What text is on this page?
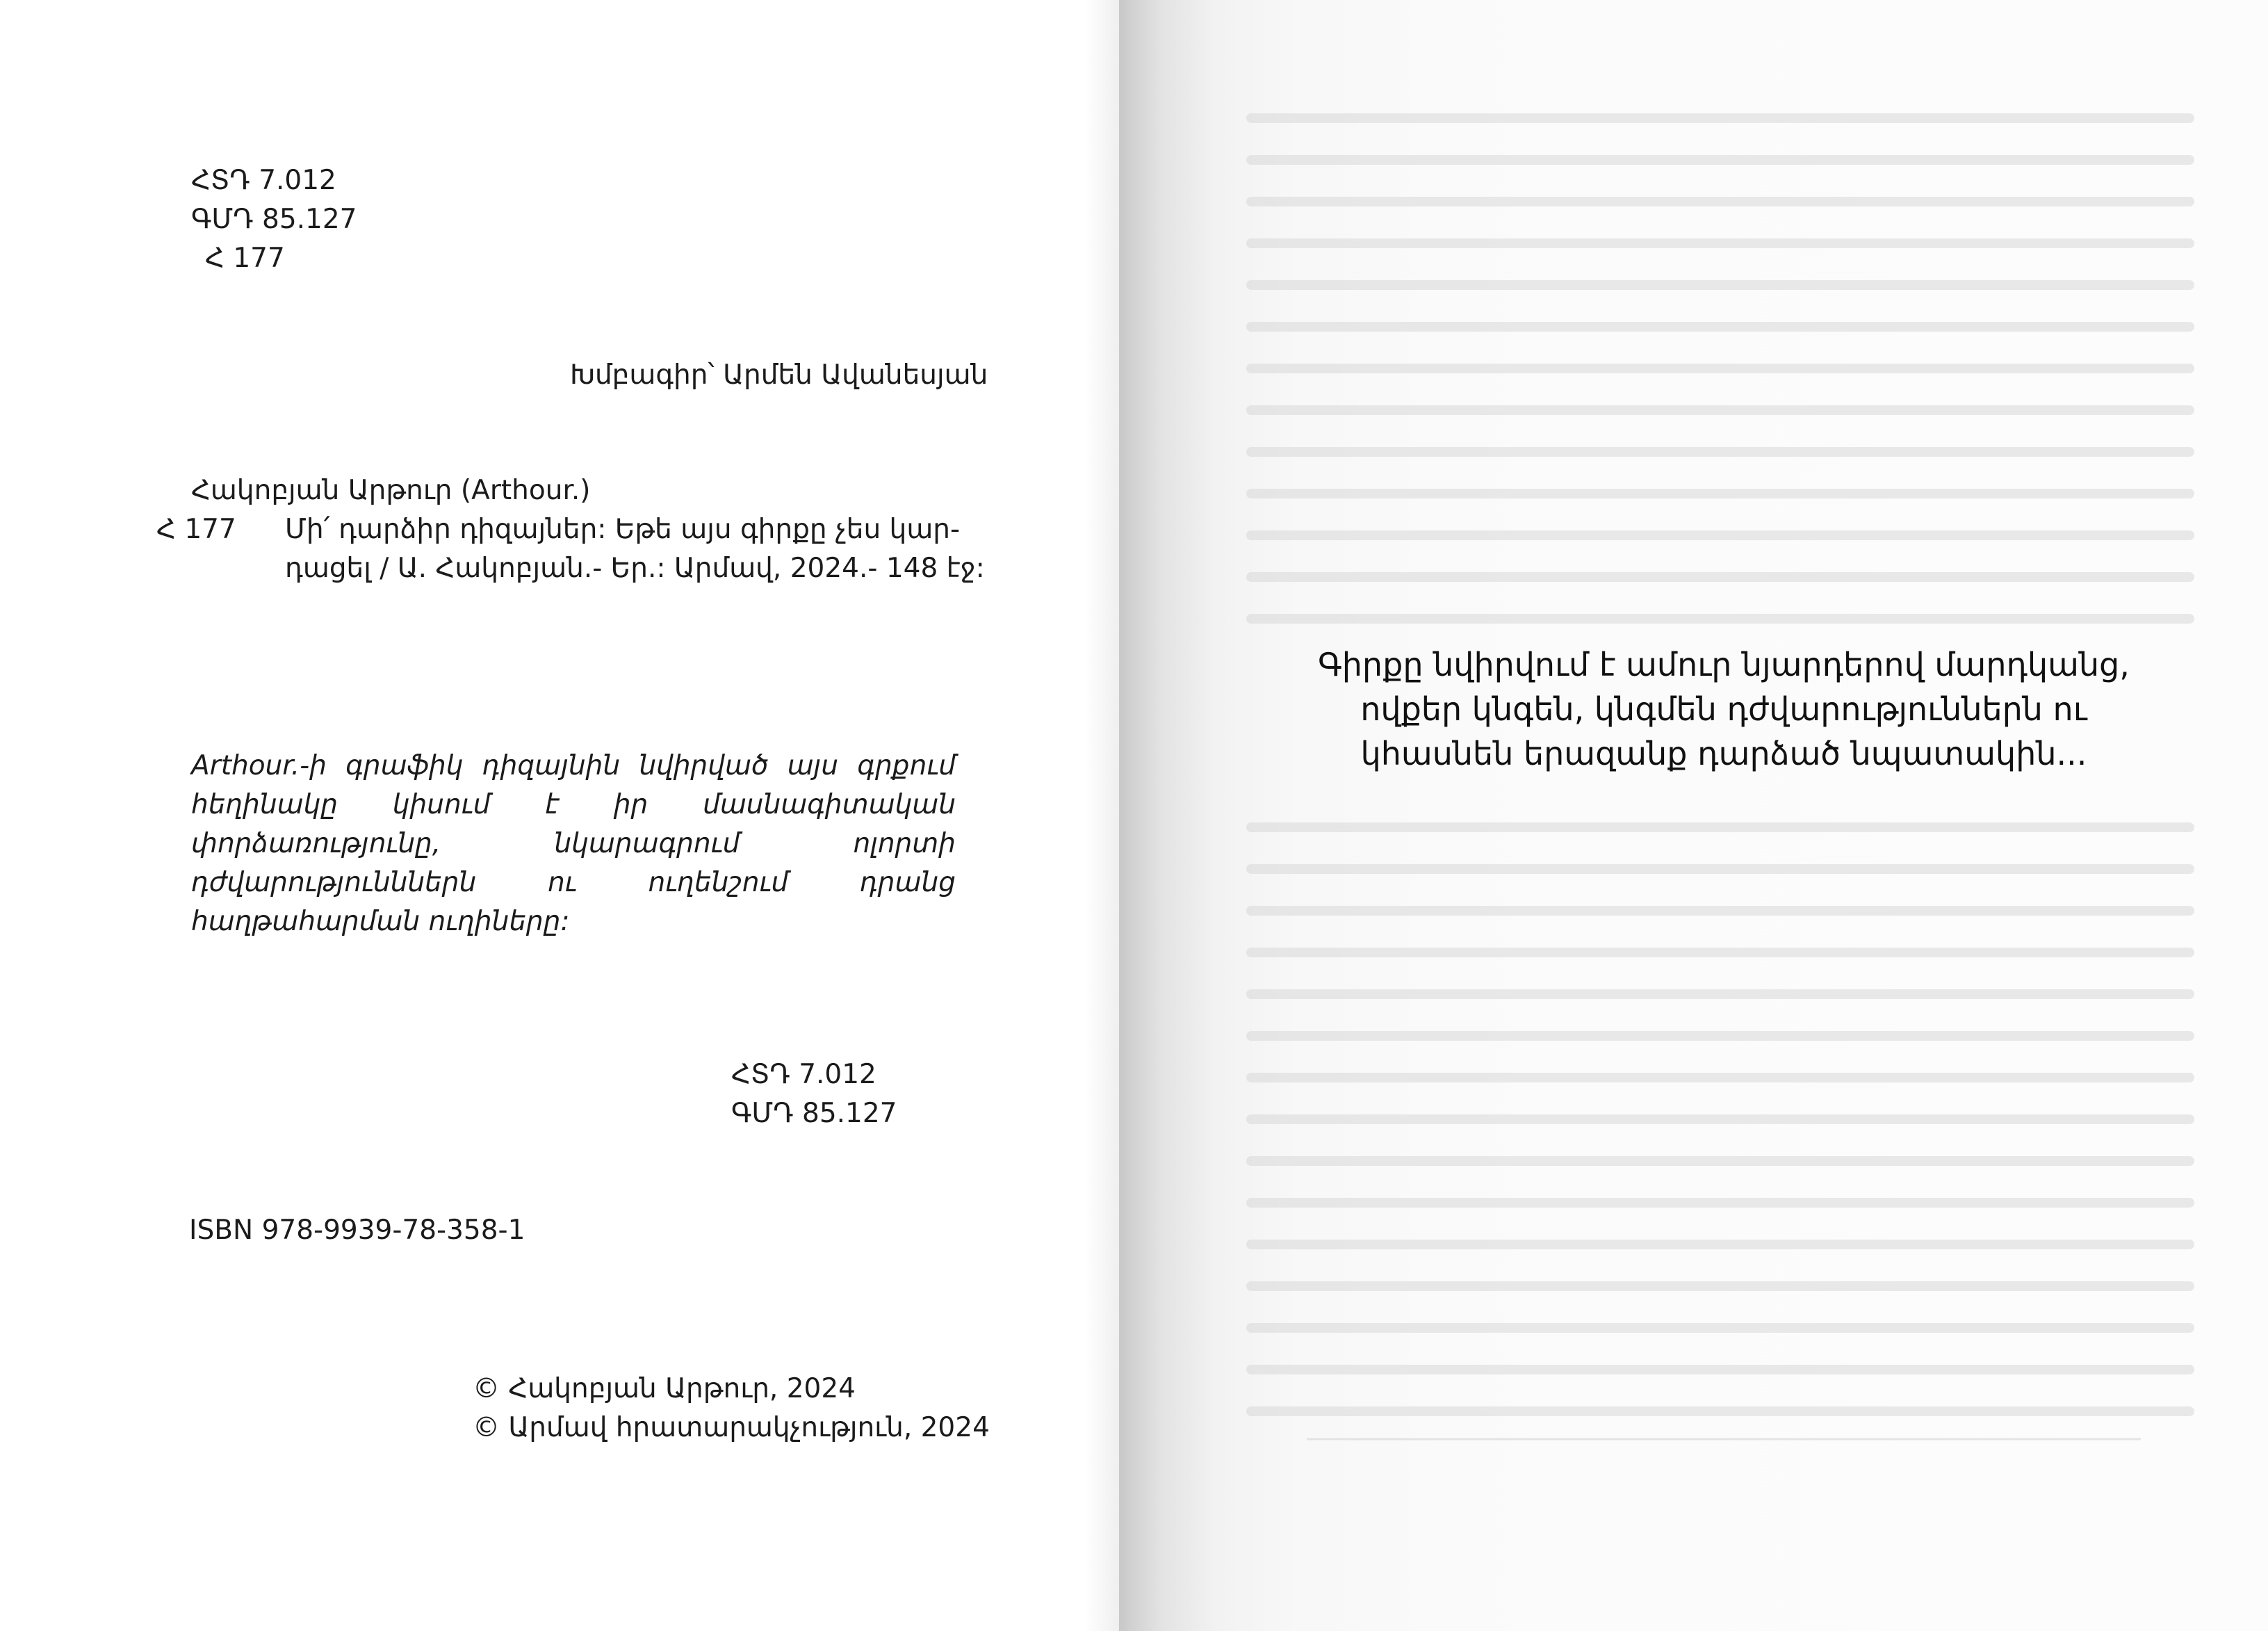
ՀՏԴ 7.012
ԳՄԴ 85.127
Հ 177
Խմբագիր՝ Արմեն Ավանեսյան
Հակոբյան Արթուր (Arthour.)
Հ 177 Մի՛ դարձիր դիզայներ: Եթե այս գիրքը չես կար-
դացել / Ա. Հակոբյան.- Եր.: Արմավ, 2024.- 148 էջ:
Arthour.-ի գրաֆիկ դիզայնին նվիրված այս գրքում հեղինակը կիսում է իր մասնագիտական փորձառությունը, նկարագրում ոլորտի դժվարությունններն ու ուղենշում դրանց հաղթահարման ուղիները:
ՀՏԴ 7.012
ԳՄԴ 85.127
ISBN 978-9939-78-358-1
© Հակոբյան Արթուր, 2024
© Արմավ հրատարակչություն, 2024
Գիրքը նվիրվում է ամուր նյարդերով մարդկանց,
ովքեր կնգեն, կնգմեն դժվարություններն ու
կհասնեն երազանք դարձած նպատակին...
